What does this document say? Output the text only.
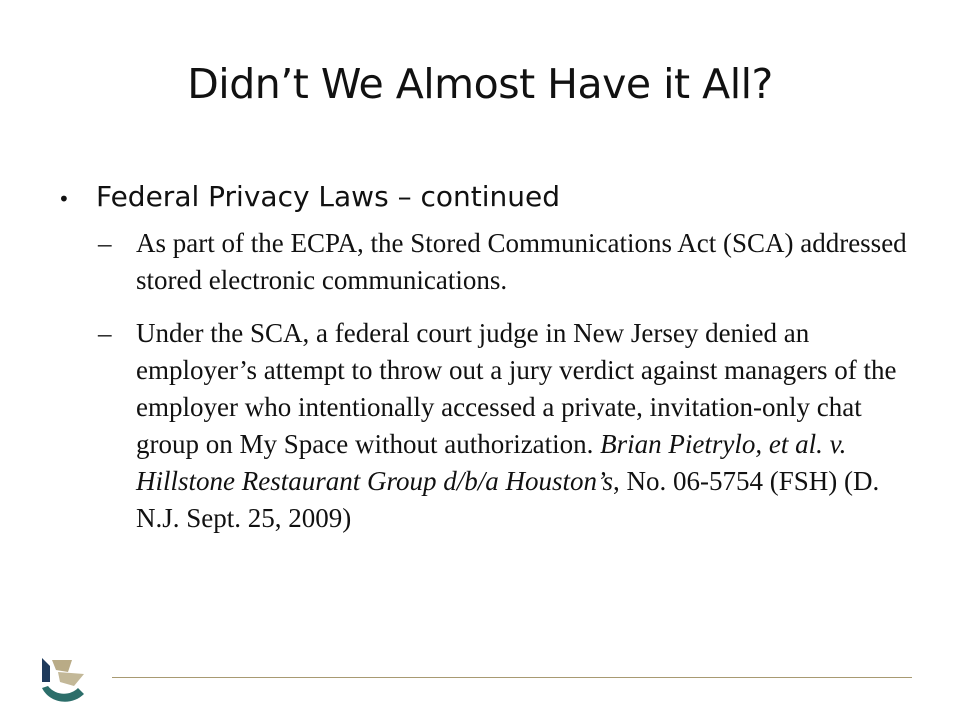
Didn’t We Almost Have it All?
• Federal Privacy Laws – continued
– As part of the ECPA, the Stored Communications Act (SCA) addressed stored electronic communications.
– Under the SCA, a federal court judge in New Jersey denied an employer’s attempt to throw out a jury verdict against managers of the employer who intentionally accessed a private, invitation-only chat group on My Space without authorization. Brian Pietrylo, et al. v. Hillstone Restaurant Group d/b/a Houston’s, No. 06-5754 (FSH) (D. N.J. Sept. 25, 2009)
